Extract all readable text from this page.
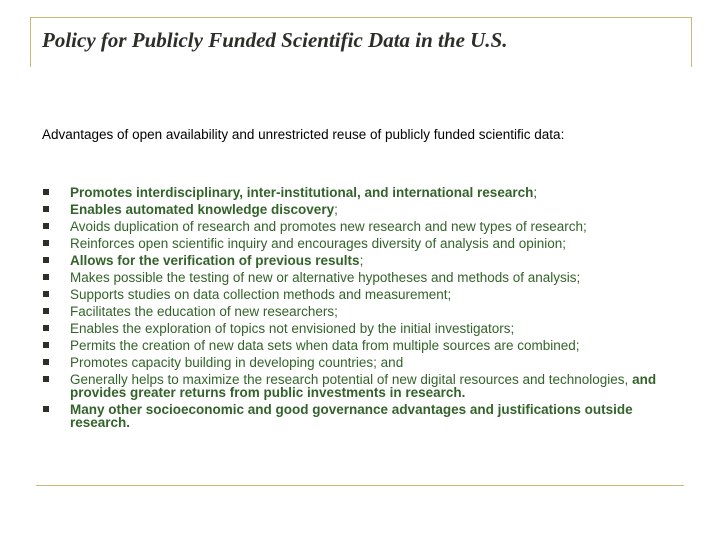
Policy for Publicly Funded Scientific Data in the U.S.

Advantages of open availability and unrestricted reuse of publicly funded scientific data:

Promotes interdisciplinary, inter-institutional, and international research;
Enables automated knowledge discovery;
Avoids duplication of research and promotes new research and new types of research;
Reinforces open scientific inquiry and encourages diversity of analysis and opinion;
Allows for the verification of previous results;
Makes possible the testing of new or alternative hypotheses and methods of analysis;
Supports studies on data collection methods and measurement;
Facilitates the education of new researchers;
Enables the exploration of topics not envisioned by the initial investigators;
Permits the creation of new data sets when data from multiple sources are combined;
Promotes capacity building in developing countries; and
Generally helps to maximize the research potential of new digital resources and technologies, and provides greater returns from public investments in research.
Many other socioeconomic and good governance advantages and justifications outside research.
